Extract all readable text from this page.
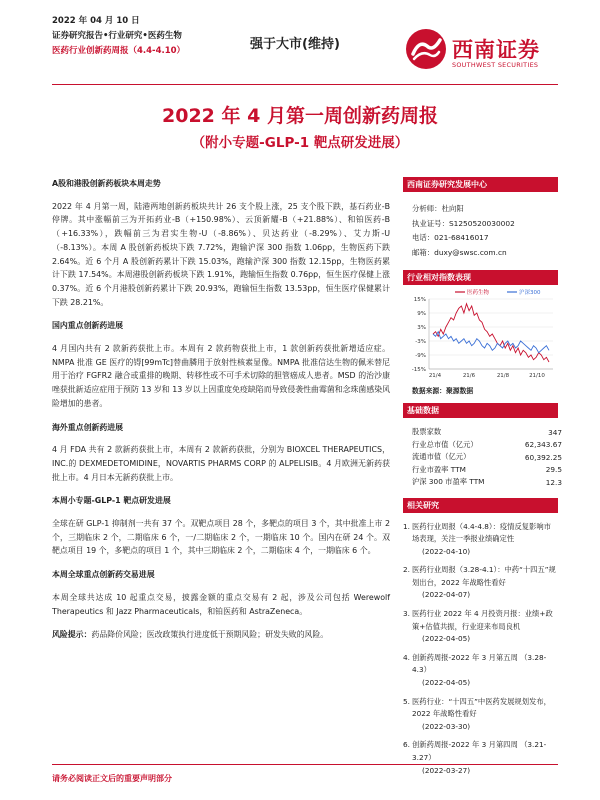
2022 年 04 月 10 日
证券研究报告•行业研究•医药生物
医药行业创新药周报（4.4-4.10）	强于大市(维持)	西南证券
SOUTHWEST SECURITIES
2022 年 4 月第一周创新药周报
（附小专题-GLP-1 靶点研发进展）
A股和港股创新药板块本周走势

2022 年 4 月第一周，陆港两地创新药板块共计 26 支个股上涨，25 支个股下跌，基石药业-B 停牌。其中涨幅前三为开拓药业-B（+150.98%）、云顶新耀-B（+21.88%）、和铂医药-B（+16.33%），跌幅前三为君实生物-U（-8.86%）、贝达药业（-8.29%）、艾力斯-U（-8.13%）。本周 A 股创新药板块下跌 7.72%，跑输沪深 300 指数 1.06pp，生物医药下跌 2.64%。近 6 个月 A 股创新药累计下跌 15.03%，跑输沪深 300 指数 12.15pp，生物医药累计下跌 17.54%。本周港股创新药板块下跌 1.91%，跑输恒生指数 0.76pp，恒生医疗保健上涨 0.37%。近 6 个月港股创新药累计下跌 20.93%，跑输恒生指数 13.53pp，恒生医疗保健累计下跌 28.21%。

国内重点创新药进展

4 月国内共有 2 款新药获批上市。本周有 2 款药物获批上市，1 款创新药获批新增适应症。NMPA 批准 GE 医疗的锝[99mTc]替曲膦用于放射性核素显像。NMPA 批准信达生物的佩米替尼用于治疗 FGFR2 融合或重排的晚期、转移性或不可手术切除的胆管癌成人患者。MSD 的治沙康唑获批新适应症用于预防 13 岁和 13 岁以上因重度免疫缺陷而导致侵袭性曲霉菌和念珠菌感染风险增加的患者。

海外重点创新药进展

4 月 FDA 共有 2 款新药获批上市，本周有 2 款新药获批，分别为 BIOXCEL THERAPEUTICS，INC.的 DEXMEDETOMIDINE，NOVARTIS PHARMS CORP 的 ALPELISIB。4 月欧洲无新药获批上市。4 月日本无新药获批上市。

本周小专题-GLP-1 靶点研发进展

全球在研 GLP-1 抑制剂一共有 37 个。双靶点项目 28 个，多靶点的项目 3 个，其中批准上市 2 个，三期临床 2 个，二期临床 6 个，一/二期临床 2 个，一期临床 10 个。国内在研 24 个。双靶点项目 19 个，多靶点的项目 1 个，其中三期临床 2 个，二期临床 4 个，一期临床 6 个。

本周全球重点创新药交易进展

本周全球共达成 10 起重点交易，披露金额的重点交易有 2 起，涉及公司包括 Werewolf Therapeutics 和 Jazz Pharmaceuticals，和铂医药和 AstraZeneca。

风险提示：药品降价风险；医改政策执行进度低于预期风险；研发失败的风险。

西南证券研究发展中心
分析师：杜向阳
执业证号：S1250520030002
电话：021-68416017
邮箱：duxy@swsc.com.cn
行业相对指数表现
15%
9%
3%
-3%
-9%
-15%
21/4	21/6	21/8	21/10
医药生物	沪深300
数据来源：聚源数据
基础数据
股票家数	347
行业总市值（亿元）	62,343.67
流通市值（亿元）	60,392.25
行业市盈率 TTM	29.5
沪深 300 市盈率 TTM	12.3
相关研究
1. 医药行业周报（4.4-4.8）：疫情反复影响市场表现，关注一季报业绩确定性
(2022-04-10)
2. 医药行业周报（3.28-4.1）：中药“十四五”规划出台，2022 年战略性看好
(2022-04-07)
3. 医药行业 2022 年 4 月投资月报：业绩+政策+估值共振，行业迎来布局良机
(2022-04-05)
4. 创新药周报-2022 年 3 月第五周 （3.28-4.3）
(2022-04-05)
5. 医药行业：“十四五”中医药发展规划发布，2022 年战略性看好
(2022-03-30)
6. 创新药周报-2022 年 3 月第四周 （3.21-3.27）
(2022-03-27)
请务必阅读正文后的重要声明部分
